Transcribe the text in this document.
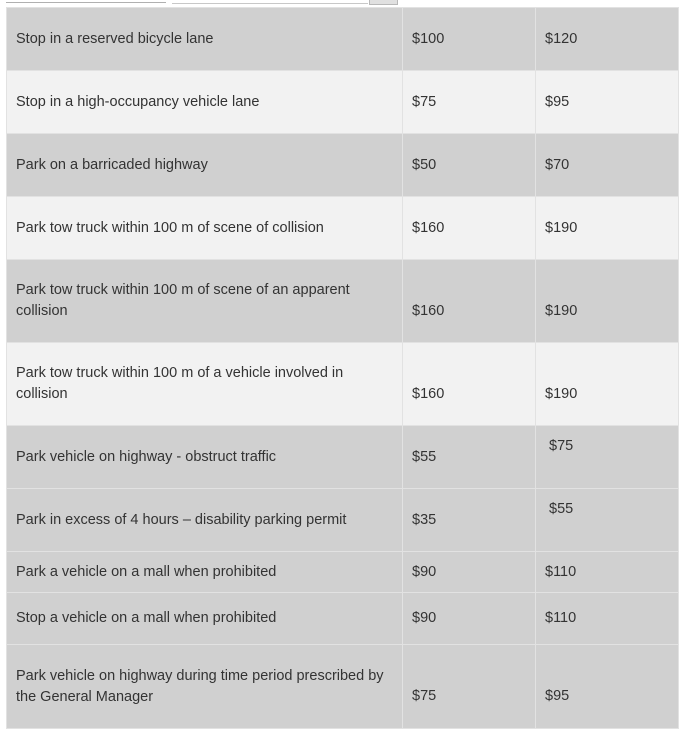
Stop in a reserved bicycle lane	$100	$120
Stop in a high-occupancy vehicle lane	$75	$95
Park on a barricaded highway	$50	$70
Park tow truck within 100 m of scene of collision	$160	$190
Park tow truck within 100 m of scene of an apparent collision	$160	$190

Park tow truck within 100 m of a vehicle involved in collision	$160	$190

Park vehicle on highway - obstruct traffic	$55	$75

Park in excess of 4 hours – disability parking permit	$35	$55

Park a vehicle on a mall when prohibited	$90	$110
Stop a vehicle on a mall when prohibited	$90	$110
Park vehicle on highway during time period prescribed by the General Manager	$75	$95
